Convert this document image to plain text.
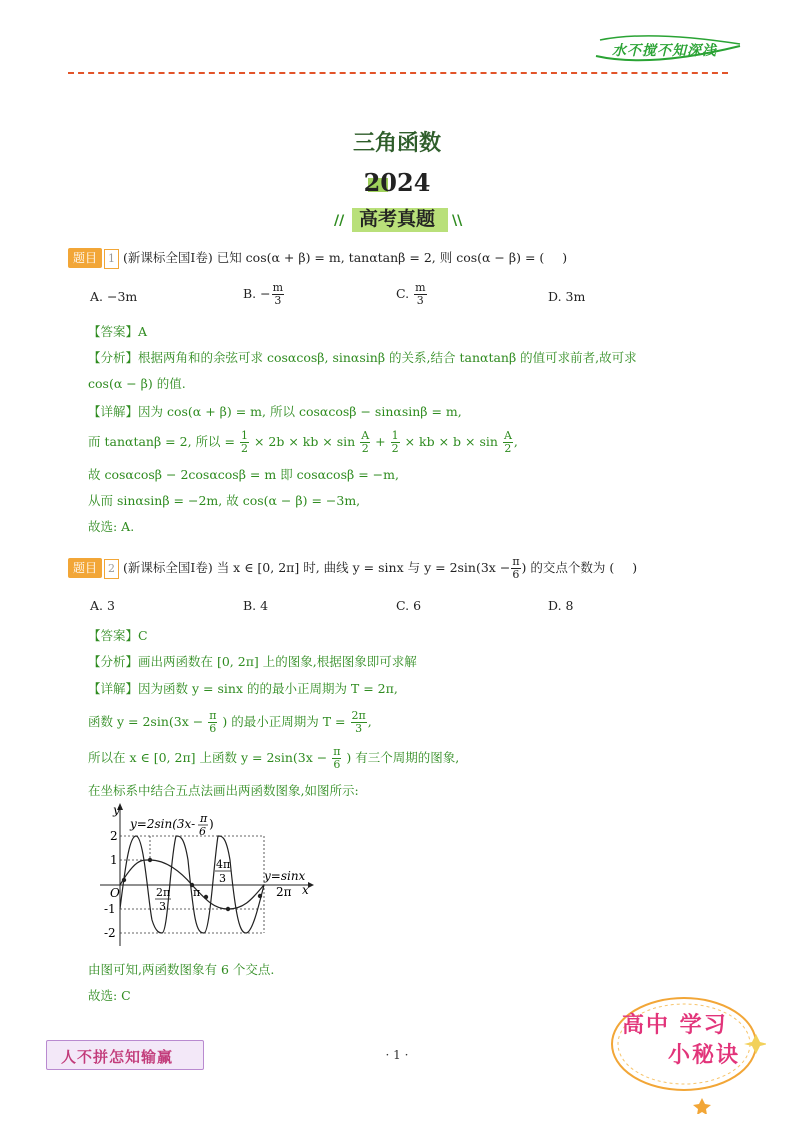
水不搅不知深浅
三角函数
2024
// 高考真题	\\
题目 1 (新课标全国Ⅰ卷) 已知 cos(α + β) = m, tanαtanβ = 2, 则 cos(α − β) = ( )
A. −3m	B. − $\frac{m}{3}$	C. $\frac{m}{3}$	D. 3m
【答案】A
【分析】根据两角和的余弦可求 cosαcosβ, sinαsinβ 的关系,结合 tanαtanβ 的值可求前者,故可求
cos(α − β) 的值.
【详解】因为 cos(α + β) = m, 所以 cosαcosβ − sinαsinβ = m,
而 tanαtanβ = 2, 所以 = $\frac{1}{2} \times 2b$ × kb × $\sin \frac{A}{2} + \frac{1}{2}$ × kb × $b \times \sin \frac{A}{2}$ ,
故 cosαcosβ − 2cosαcosβ = m 即 cosαcosβ = −m,
从而 sinαsinβ = −2m, 故 cos(α − β) = −3m,
故选: A.
题目 2 (新课标全国Ⅰ卷) 当 x ∈ [0, 2π] 时, 曲线 y = sinx 与 $y = 2\sin(3x - \frac{\pi}{6}$ ) 的交点个数为 ( )
A. 3	B. 4	C. 6	D. 8
【答案】C
【分析】画出两函数在 [0, 2π] 上的图象,根据图象即可求解
【详解】因为函数 y = sinx 的的最小正周期为 T = 2π,
函数 $y = 2\sin(3x - \frac{\pi}{6}$ ) 的最小正周期为 $T = \frac{2\pi}{3}$ ,
所以在 x ∈ [0, 2π] 上函数 $y = 2\sin(3x - \frac{\pi}{6}$ ) 有三个周期的图象,
在坐标系中结合五点法画出两函数图象,如图所示:
y=2sin(3x- π
6
)
y=sinx
y
x
O
2
1
-1
-2
2π
3
π
4π
3
2π
由图可知,两函数图象有 6 个交点.
故选: C
人不拼怎知输赢	· 1 ·
高中 学习
小秘诀
